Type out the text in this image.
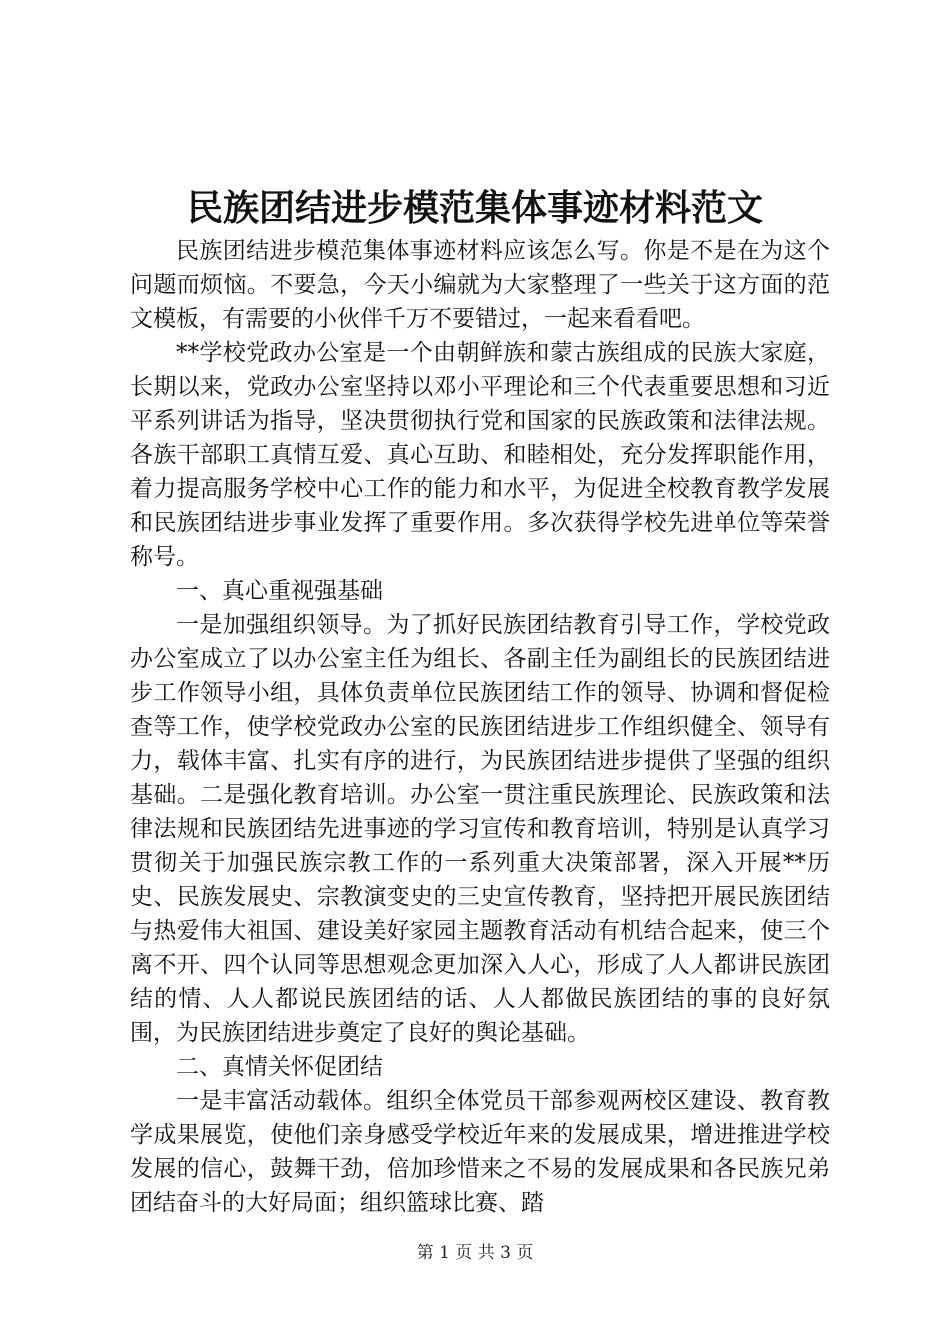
民族团结进步模范集体事迹材料范文

民族团结进步模范集体事迹材料应该怎么写。你是不是在为这个问题而烦恼。不要急，今天小编就为大家整理了一些关于这方面的范文模板，有需要的小伙伴千万不要错过，一起来看看吧。

**学校党政办公室是一个由朝鲜族和蒙古族组成的民族大家庭，长期以来，党政办公室坚持以邓小平理论和三个代表重要思想和习近平系列讲话为指导，坚决贯彻执行党和国家的民族政策和法律法规。各族干部职工真情互爱、真心互助、和睦相处，充分发挥职能作用，着力提高服务学校中心工作的能力和水平，为促进全校教育教学发展和民族团结进步事业发挥了重要作用。多次获得学校先进单位等荣誉称号。

一、真心重视强基础

一是加强组织领导。为了抓好民族团结教育引导工作，学校党政办公室成立了以办公室主任为组长、各副主任为副组长的民族团结进步工作领导小组，具体负责单位民族团结工作的领导、协调和督促检查等工作，使学校党政办公室的民族团结进步工作组织健全、领导有力，载体丰富、扎实有序的进行，为民族团结进步提供了坚强的组织基础。二是强化教育培训。办公室一贯注重民族理论、民族政策和法律法规和民族团结先进事迹的学习宣传和教育培训，特别是认真学习贯彻关于加强民族宗教工作的一系列重大决策部署，深入开展**历史、民族发展史、宗教演变史的三史宣传教育，坚持把开展民族团结与热爱伟大祖国、建设美好家园主题教育活动有机结合起来，使三个离不开、四个认同等思想观念更加深入人心，形成了人人都讲民族团结的情、人人都说民族团结的话、人人都做民族团结的事的良好氛围，为民族团结进步奠定了良好的舆论基础。

二、真情关怀促团结

一是丰富活动载体。组织全体党员干部参观两校区建设、教育教学成果展览，使他们亲身感受学校近年来的发展成果，增进推进学校发展的信心，鼓舞干劲，倍加珍惜来之不易的发展成果和各民族兄弟团结奋斗的大好局面；组织篮球比赛、踏

第 1 页 共 3 页
